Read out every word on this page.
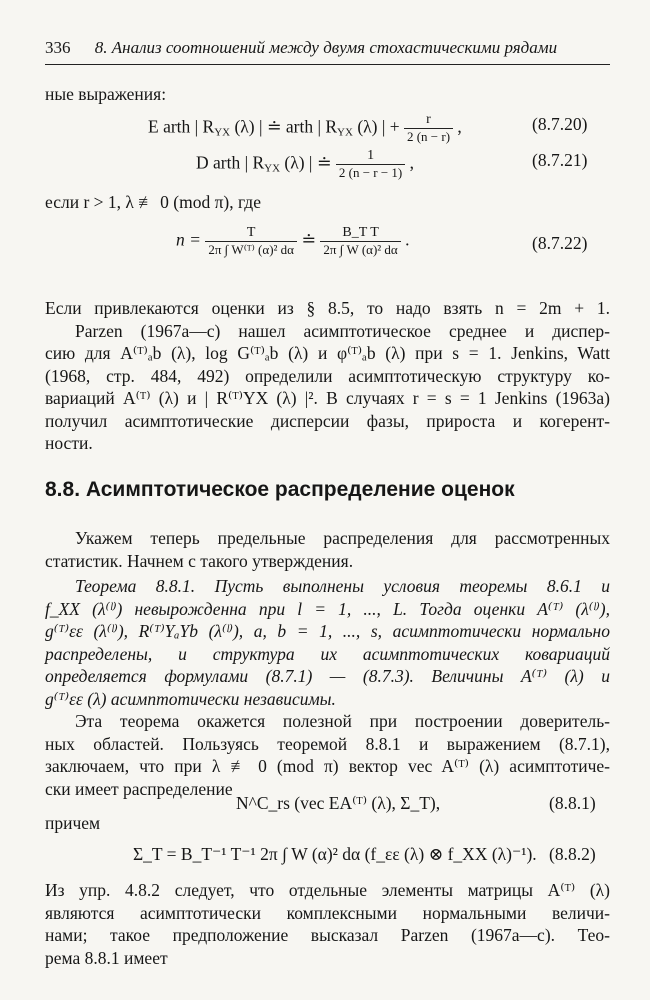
336 8. Анализ соотношений между двумя стохастическими рядами
ные выражения:
E arth | RYX (λ) | ≐ arth | RYX (λ) | + $\frac{r}{2 (n - r)}$ ,	(8.7.20)
D arth | RYX (λ) | ≐ $\frac{1}{2 (n - r - 1)}$ ,	(8.7.21)
если r > 1, λ ≢ 0 (mod π), где
$n = \frac{T}{\text{2π ∫ W⁽ᵀ⁾ (α)² dα}}$ ≐ $\frac{\text{B\_T T}}{\text{2π ∫ W (α)² dα}}$ .	(8.7.22)
Если привлекаются оценки из § 8.5, то надо взять n = 2m + 1.
Parzen (1967a—c) нашел асимптотическое среднее и диспер-
сию для A⁽ᵀ⁾ₐb (λ), log G⁽ᵀ⁾ₐb (λ) и φ⁽ᵀ⁾ₐb (λ) при s = 1. Jenkins, Watt
(1968, стр. 484, 492) определили асимптотическую структуру ко-
вариаций A⁽ᵀ⁾ (λ) и | R⁽ᵀ⁾YX (λ) |². В случаях r = s = 1 Jenkins (1963a)
получил асимптотические дисперсии фазы, прироста и когерент-
ности.
8.8. Асимптотическое распределение оценок
Укажем теперь предельные распределения для рассмотренных
статистик. Начнем с такого утверждения.
Теорема 8.8.1. Пусть выполнены условия теоремы 8.6.1 и
f_XX (λ⁽ˡ⁾) невырожденна при l = 1, ..., L. Тогда оценки A⁽ᵀ⁾ (λ⁽ˡ⁾),
g⁽ᵀ⁾εε (λ⁽ˡ⁾), R⁽ᵀ⁾YₐYb (λ⁽ˡ⁾), a, b = 1, ..., s, асимптотически нормально
распределены, и структура их асимптотических ковариаций
определяется формулами (8.7.1) — (8.7.3). Величины A⁽ᵀ⁾ (λ) и
g⁽ᵀ⁾εε (λ) асимптотически независимы.
Эта теорема окажется полезной при построении доверитель-
ных областей. Пользуясь теоремой 8.8.1 и выражением (8.7.1),
заключаем, что при λ ≢ 0 (mod π) вектор vec A⁽ᵀ⁾ (λ) асимптотиче-
ски имеет распределение
N^C_rs (vec EA⁽ᵀ⁾ (λ), Σ_T),	(8.8.1)
причем
Σ_T = B_T⁻¹ T⁻¹ 2π ∫ W (α)² dα (f_εε (λ) ⊗ f_XX (λ)⁻¹). (8.8.2)
Из упр. 4.8.2 следует, что отдельные элементы матрицы A⁽ᵀ⁾ (λ)
являются асимптотически комплексными нормальными величи-
нами; такое предположение высказал Parzen (1967a—c). Тео-
рема 8.8.1 имеет
